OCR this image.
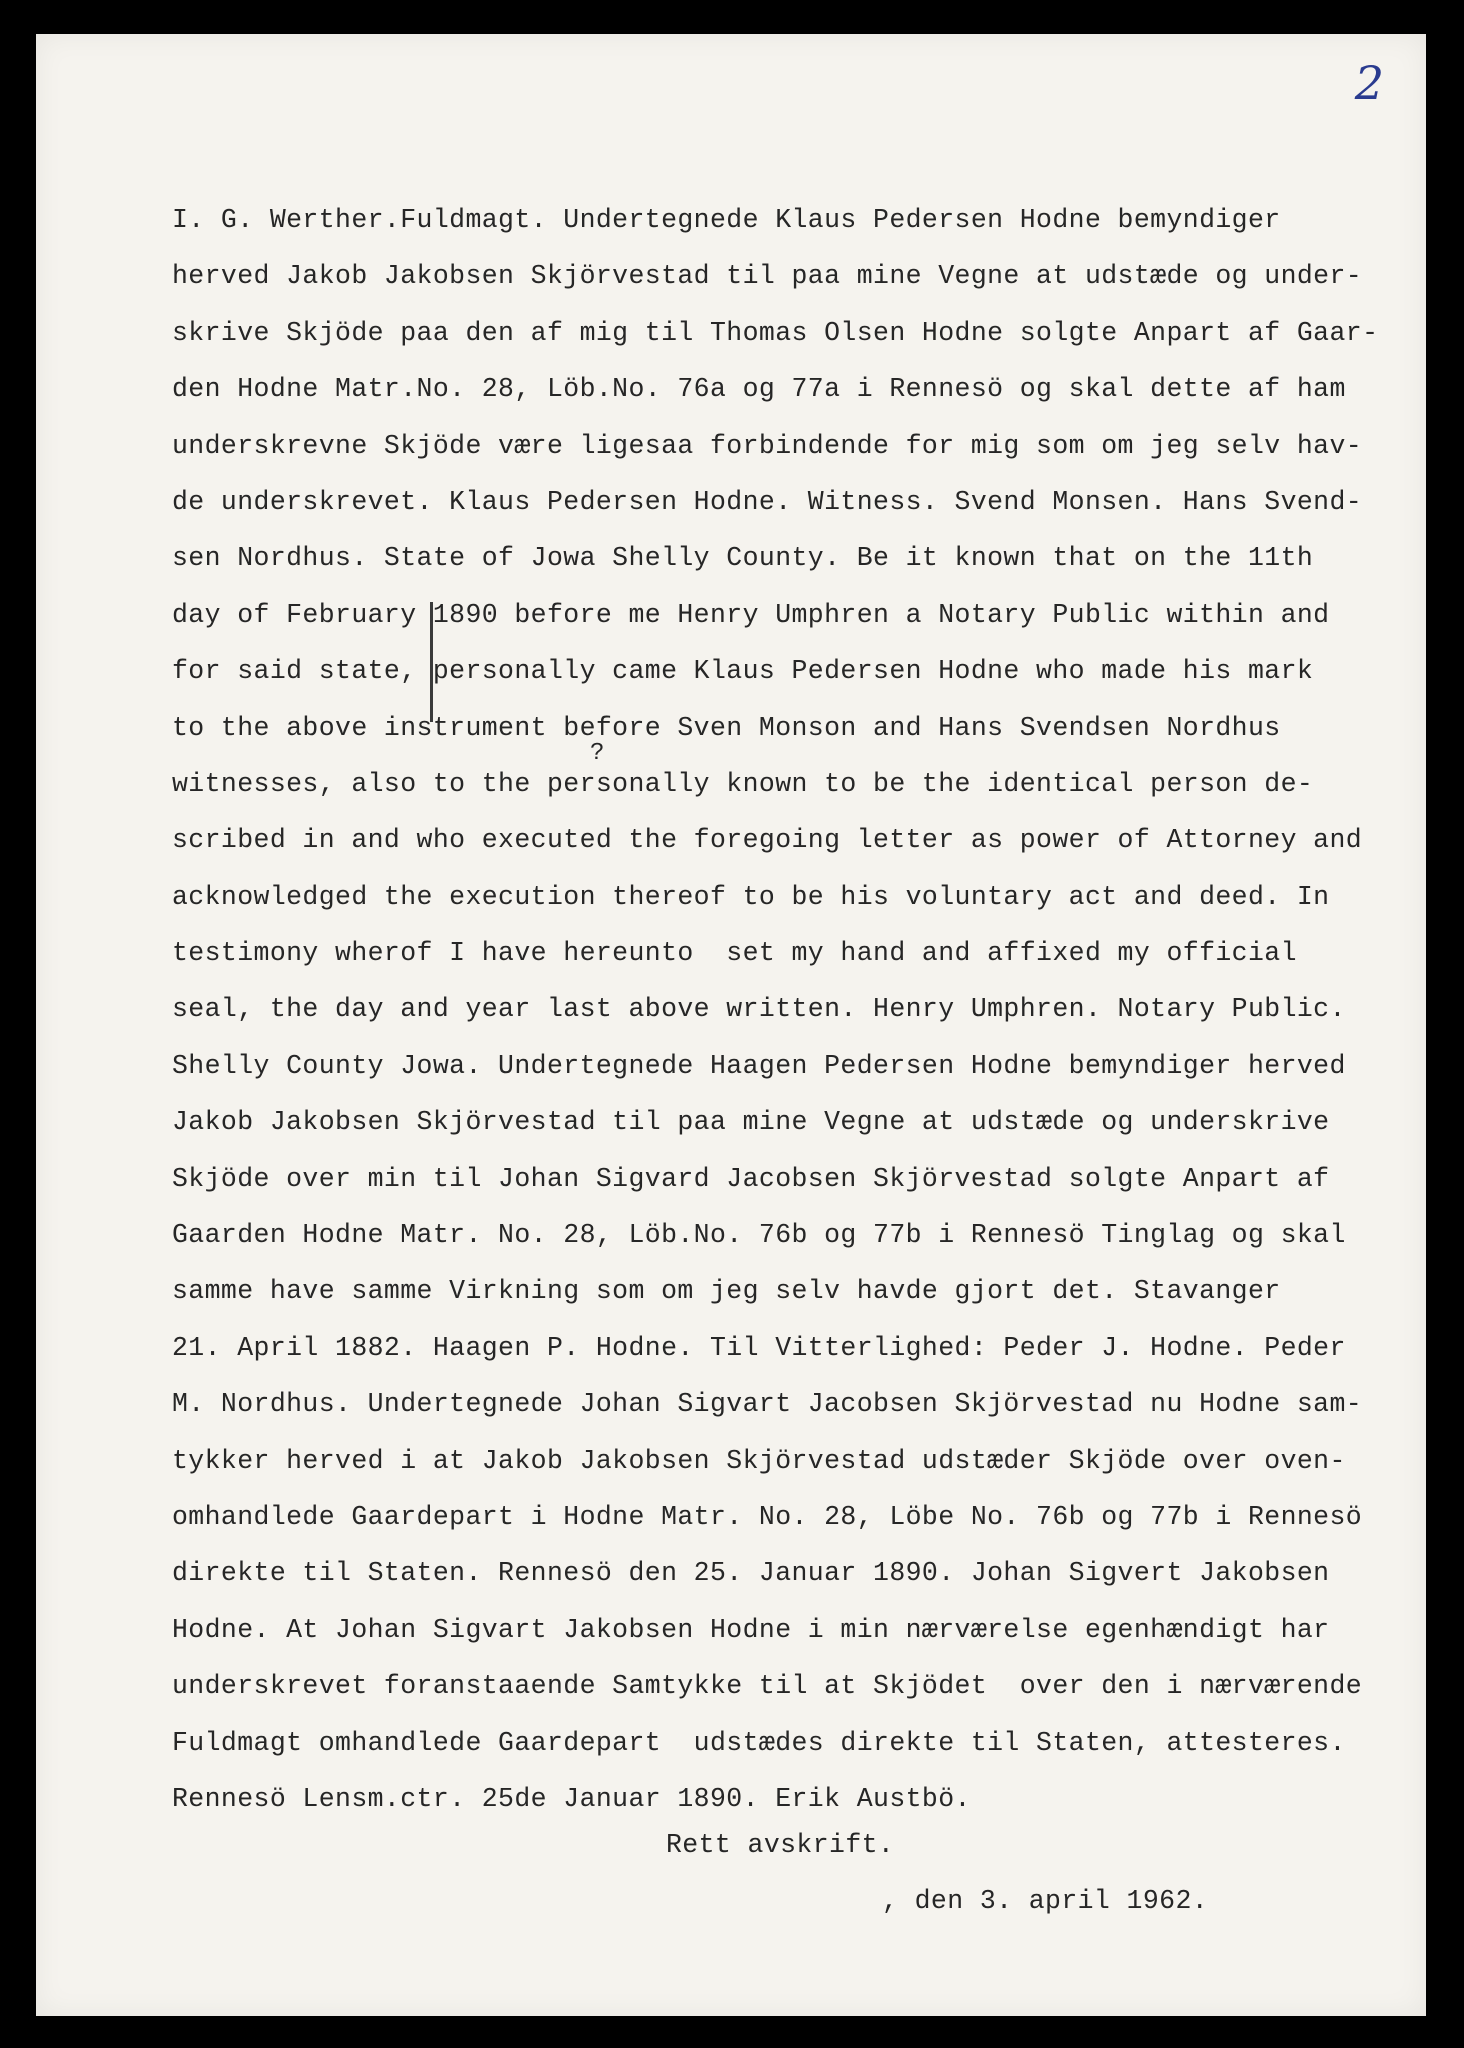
2
I. G. Werther.Fuldmagt. Undertegnede Klaus Pedersen Hodne bemyndiger
herved Jakob Jakobsen Skjörvestad til paa mine Vegne at udstæde og under-
skrive Skjöde paa den af mig til Thomas Olsen Hodne solgte Anpart af Gaar-
den Hodne Matr.No. 28, Löb.No. 76a og 77a i Rennesö og skal dette af ham
underskrevne Skjöde være ligesaa forbindende for mig som om jeg selv hav-
de underskrevet. Klaus Pedersen Hodne. Witness. Svend Monsen. Hans Svend-
sen Nordhus. State of Jowa Shelly County. Be it known that on the 11th
day of February 1890 before me Henry Umphren a Notary Public within and
for said state, personally came Klaus Pedersen Hodne who made his mark
to the above instrument before Sven Monson and Hans Svendsen Nordhus
witnesses, also to the personally known to be the identical person de-
scribed in and who executed the foregoing letter as power of Attorney and
acknowledged the execution thereof to be his voluntary act and deed. In
testimony wherof I have hereunto  set my hand and affixed my official
seal, the day and year last above written. Henry Umphren. Notary Public.
Shelly County Jowa. Undertegnede Haagen Pedersen Hodne bemyndiger herved
Jakob Jakobsen Skjörvestad til paa mine Vegne at udstæde og underskrive
Skjöde over min til Johan Sigvard Jacobsen Skjörvestad solgte Anpart af
Gaarden Hodne Matr. No. 28, Löb.No. 76b og 77b i Rennesö Tinglag og skal
samme have samme Virkning som om jeg selv havde gjort det. Stavanger
21. April 1882. Haagen P. Hodne. Til Vitterlighed: Peder J. Hodne. Peder
M. Nordhus. Undertegnede Johan Sigvart Jacobsen Skjörvestad nu Hodne sam-
tykker herved i at Jakob Jakobsen Skjörvestad udstæder Skjöde over oven-
omhandlede Gaardepart i Hodne Matr. No. 28, Löbe No. 76b og 77b i Rennesö
direkte til Staten. Rennesö den 25. Januar 1890. Johan Sigvert Jakobsen
Hodne. At Johan Sigvart Jakobsen Hodne i min nærværelse egenhændigt har
underskrevet foranstaaende Samtykke til at Skjödet  over den i nærværende
Fuldmagt omhandlede Gaardepart  udstædes direkte til Staten, attesteres.
Rennesö Lensm.ctr. 25de Januar 1890. Erik Austbö.
?
Rett avskrift.
, den 3. april 1962.
